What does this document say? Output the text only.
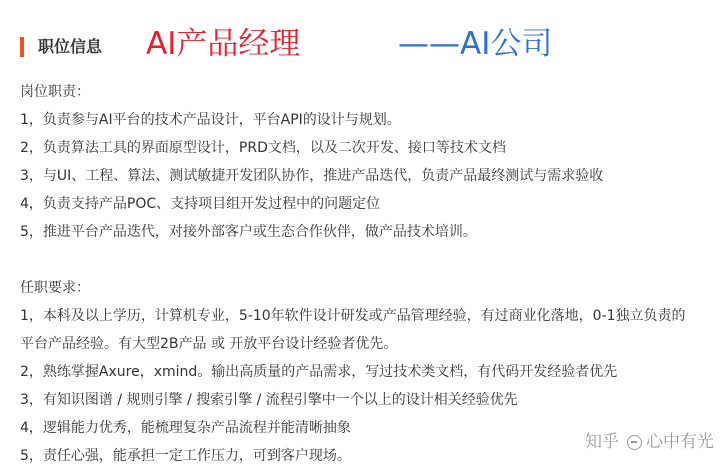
职位信息 AI产品经理	——AI公司
岗位职责：
1，负责参与AI平台的技术产品设计，平台API的设计与规划。
2，负责算法工具的界面原型设计，PRD文档，以及二次开发、接口等技术文档
3，与UI、工程、算法、测试敏捷开发团队协作，推进产品迭代，负责产品最终测试与需求验收
4，负责支持产品POC、支持项目组开发过程中的问题定位
5，推进平台产品迭代，对接外部客户或生态合作伙伴，做产品技术培训。
任职要求：
1，本科及以上学历，计算机专业，5-10年软件设计研发或产品管理经验，有过商业化落地，0-1独立负责的
平台产品经验。有大型2B产品 或 开放平台设计经验者优先。
2，熟练掌握Axure，xmind。输出高质量的产品需求，写过技术类文档，有代码开发经验者优先
3，有知识图谱 / 规则引擎 / 搜索引擎 / 流程引擎中一个以上的设计相关经验优先
4，逻辑能力优秀，能梳理复杂产品流程并能清晰抽象
5，责任心强，能承担一定工作压力，可到客户现场。
知乎 心中有光
